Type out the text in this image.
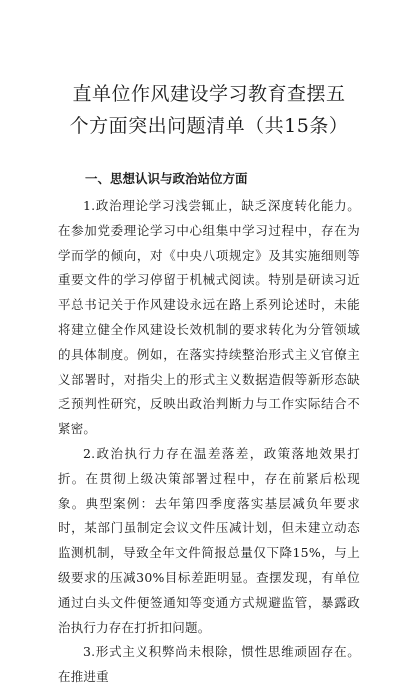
直单位作风建设学习教育查摆五个方面突出问题清单（共15条）
一、思想认识与政治站位方面

1.政治理论学习浅尝辄止，缺乏深度转化能力。在参加党委理论学习中心组集中学习过程中，存在为学而学的倾向，对《中央八项规定》及其实施细则等重要文件的学习停留于机械式阅读。特别是研读习近平总书记关于作风建设永远在路上系列论述时，未能将建立健全作风建设长效机制的要求转化为分管领域的具体制度。例如，在落实持续整治形式主义官僚主义部署时，对指尖上的形式主义数据造假等新形态缺乏预判性研究，反映出政治判断力与工作实际结合不紧密。

2.政治执行力存在温差落差，政策落地效果打折。在贯彻上级决策部署过程中，存在前紧后松现象。典型案例：去年第四季度落实基层减负年要求时，某部门虽制定会议文件压减计划，但未建立动态监测机制，导致全年文件简报总量仅下降15%，与上级要求的压减30%目标差距明显。查摆发现，有单位通过白头文件便签通知等变通方式规避监管，暴露政治执行力存在打折扣问题。

3.形式主义积弊尚未根除，惯性思维顽固存在。在推进重
